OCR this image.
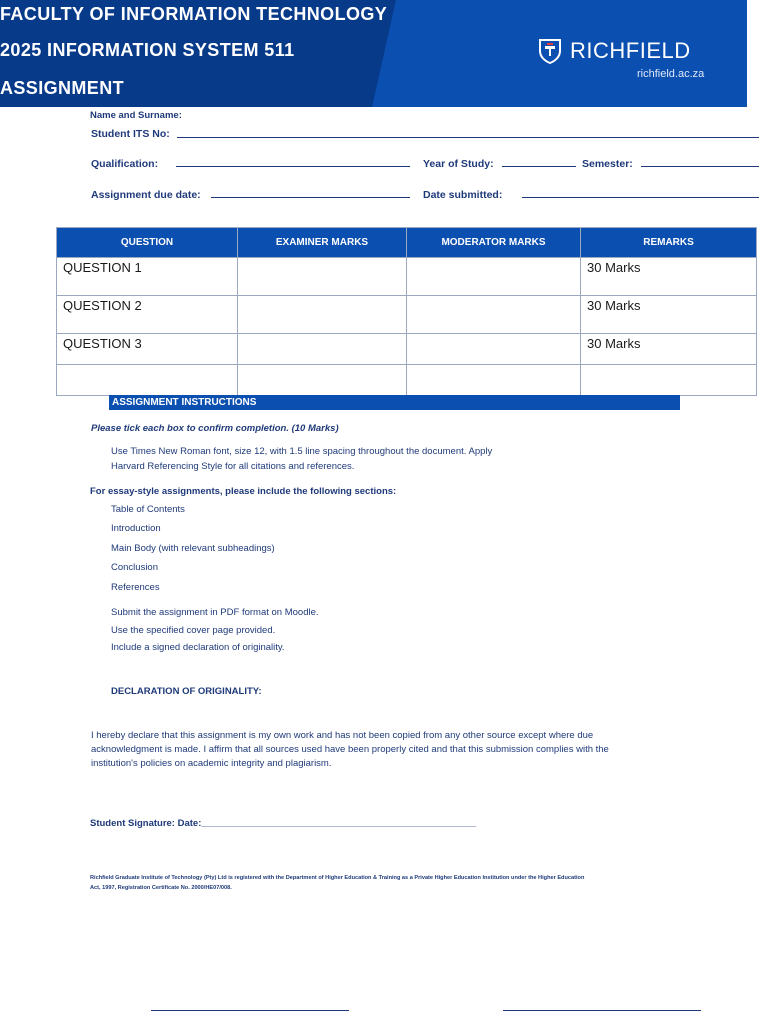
FACULTY OF INFORMATION TECHNOLOGY
2025 INFORMATION SYSTEM 511
ASSIGNMENT
RICHFIELD
richfield.ac.za
Name and Surname:
Student ITS No:
Qualification:	Year of Study:	Semester:
Assignment due date:	Date submitted:
QUESTION	EXAMINER MARKS	MODERATOR MARKS	REMARKS
QUESTION 1			30 Marks
QUESTION 2			30 Marks
QUESTION 3			30 Marks

ASSIGNMENT INSTRUCTIONS
Please tick each box to confirm completion. (10 Marks)
Use Times New Roman font, size 12, with 1.5 line spacing throughout the document. Apply
Harvard Referencing Style for all citations and references.
For essay-style assignments, please include the following sections:
Table of Contents
Introduction
Main Body (with relevant subheadings)
Conclusion
References
Submit the assignment in PDF format on Moodle.
Use the specified cover page provided.
Include a signed declaration of originality.
DECLARATION OF ORIGINALITY:
I hereby declare that this assignment is my own work and has not been copied from any other source except where due
acknowledgment is made. I affirm that all sources used have been properly cited and that this submission complies with the
institution's policies on academic integrity and plagiarism.
Student Signature: Date:____________________________________________________
Richfield Graduate Institute of Technology (Pty) Ltd is registered with the Department of Higher Education & Training as a Private Higher Education Institution under the Higher Education
Act, 1997, Registration Certificate No. 2000/HE07/008.
